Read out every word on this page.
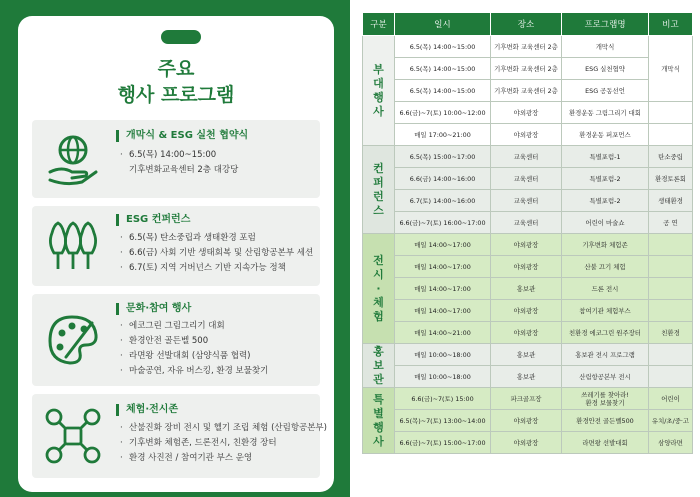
주요
행사 프로그램
개막식 & ESG 실천 협약식
· 6.5(목) 14:00~15:00
기후변화교육센터 2층 대강당
ESG 컨퍼런스
· 6.5(목) 탄소중립과 생태환경 포럼
· 6.6(금) 사회 기반 생태회복 및 산림항공본부 세션
· 6.7(토) 지역 거버넌스 기반 지속가능 정책
문화·참여 행사
· 에코그린 그림그리기 대회
· 환경안전 골든벨 500
· 라면왕 선발대회 (삼양식품 협력)
· 마술공연, 자유 버스킹, 환경 보물찾기
체험·전시존
· 산불진화 장비 전시 및 헬기 조립 체험 (산림항공본부)
· 기후변화 체험존, 드론전시, 친환경 장터
· 환경 사진전 / 참여기관 부스 운영
구분	일시	장소	프로그램명	비고
부
대
행
사	6.5(목) 14:00~15:00	기후변화 교육센터 2층	개막식	개막식
	6.5(목) 14:00~15:00	기후변화 교육센터 2층	ESG 실천협약	
	6.5(목) 14:00~15:00	기후변화 교육센터 2층	ESG 공동선언	
	6.6(금)~7(토) 10:00~12:00	야외광장	환경운동 그림그리기 대회	
	매일 17:00~21:00	야외광장	환경운동 퍼포먼스	
컨
퍼
런
스	6.5(목) 15:00~17:00	교육센터	특별포럼-1	탄소중립
	6.6(금) 14:00~16:00	교육센터	특별포럼-2	환경토론회
	6.7(토) 14:00~16:00	교육센터	특별포럼-2	생태환경
	6.6(금)~7(토) 16:00~17:00	교육센터	어린이 마술쇼	공 연
전
시
·
체
험	매일 14:00~17:00	야외광장	기후변화 체험존	
	매일 14:00~17:00	야외광장	산불 끄기 체험	
	매일 14:00~17:00	홍보관	드론 전시	
	매일 14:00~17:00	야외광장	참여기관 체험부스	
	매일 14:00~21:00	야외광장	친환경 에코그린 원주장터	친환경
홍
보
관	매일 10:00~18:00	홍보관	홍보관 전시 프로그램	
	매일 10:00~18:00	홍보관	산림항공본부 전시	
특
별
행
사	6.6(금)~7(토) 15:00	파크골프장	쓰레기를 찾아라!
환경 보물찾기	어린이
	6.5(목)~7(토) 13:00~14:00	야외광장	환경안전 골든벨500	유치/초/중·고
	6.6(금)~7(토) 15:00~17:00	야외광장	라면왕 선발대회	삼양라면
